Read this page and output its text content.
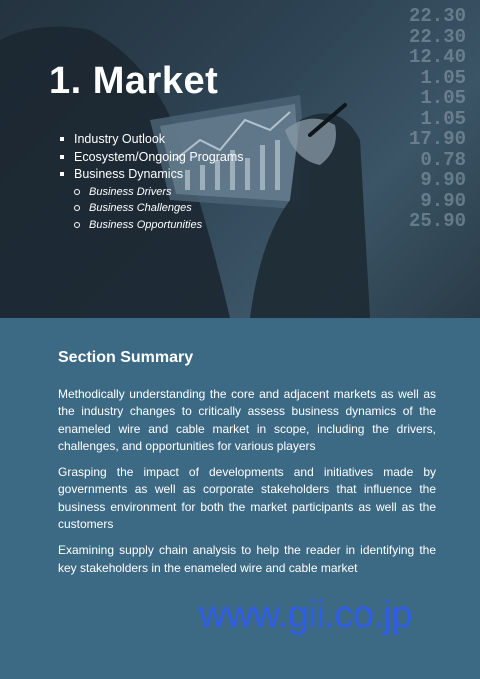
22.30
22.30
12.40
1.05
1.05
1.05
17.90
0.78
9.90
9.90
25.90
1. Market
Industry Outlook
Ecosystem/Ongoing Programs
Business Dynamics
Business Drivers
Business Challenges
Business Opportunities
Section Summary

Methodically understanding the core and adjacent markets as well as the industry changes to critically assess business dynamics of the enameled wire and cable market in scope, including the drivers, challenges, and opportunities for various players

Grasping the impact of developments and initiatives made by governments as well as corporate stakeholders that influence the business environment for both the market participants as well as the customers

Examining supply chain analysis to help the reader in identifying the key stakeholders in the enameled wire and cable market

www.gii.co.jp
